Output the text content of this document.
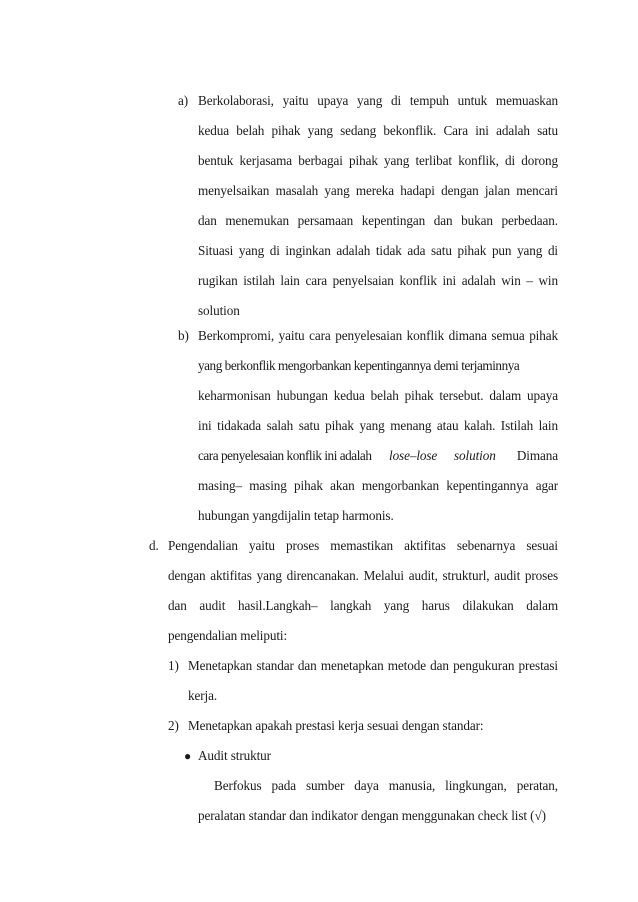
a) Berkolaborasi, yaitu upaya yang di tempuh untuk memuaskan
kedua belah pihak yang sedang bekonflik. Cara ini adalah satu
bentuk kerjasama berbagai pihak yang terlibat konflik, di dorong
menyelsaikan masalah yang mereka hadapi dengan jalan mencari
dan menemukan persamaan kepentingan dan bukan perbedaan.
Situasi yang di inginkan adalah tidak ada satu pihak pun yang di
rugikan istilah lain cara penyelsaian konflik ini adalah win – win
solution
b) Berkompromi, yaitu cara penyelesaian konflik dimana semua pihak
yang berkonflik mengorbankan kepentingannya demi terjaminnya
keharmonisan hubungan kedua belah pihak tersebut. dalam upaya
ini tidakada salah satu pihak yang menang atau kalah. Istilah lain
cara penyelesaian konflik ini adalah lose–lose solution Dimana
masing– masing pihak akan mengorbankan kepentingannya agar
hubungan yangdijalin tetap harmonis.
d. Pengendalian yaitu proses memastikan aktifitas sebenarnya sesuai
dengan aktifitas yang direncanakan. Melalui audit, strukturl, audit proses
dan audit hasil.Langkah– langkah yang harus dilakukan dalam
pengendalian meliputi:
1) Menetapkan standar dan menetapkan metode dan pengukuran prestasi
kerja.
2) Menetapkan apakah prestasi kerja sesuai dengan standar:
● Audit struktur
Berfokus pada sumber daya manusia, lingkungan, peratan,
peralatan standar dan indikator dengan menggunakan check list (√)
